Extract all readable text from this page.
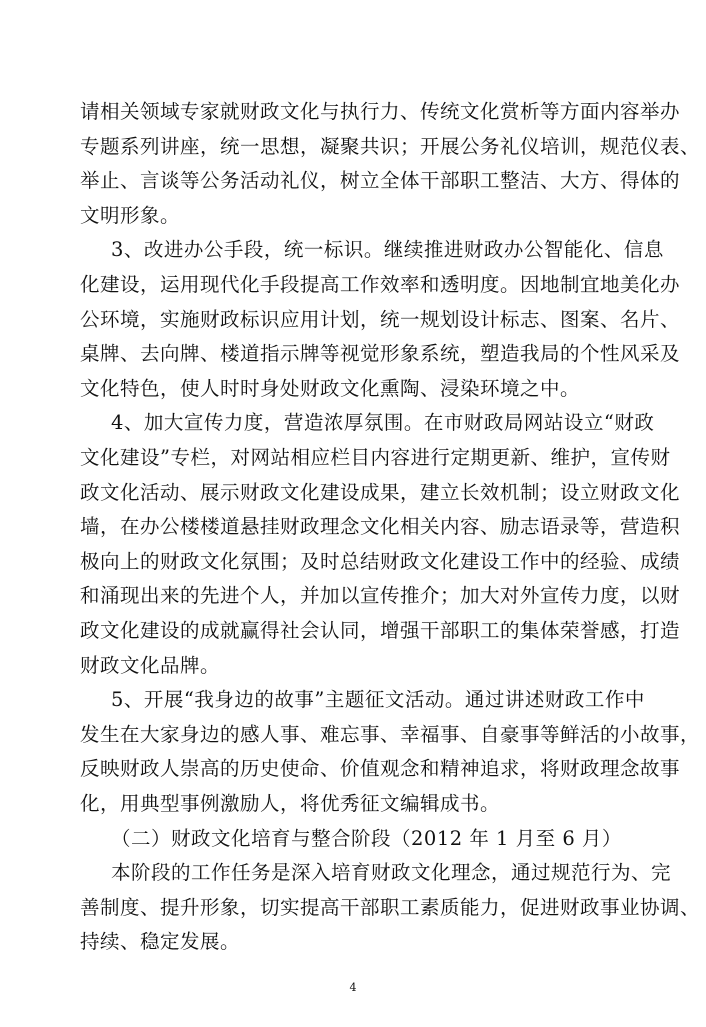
请相关领域专家就财政文化与执行力、传统文化赏析等方面内容举办
专题系列讲座，统一思想，凝聚共识；开展公务礼仪培训，规范仪表、
举止、言谈等公务活动礼仪，树立全体干部职工整洁、大方、得体的
文明形象。
3、改进办公手段，统一标识。继续推进财政办公智能化、信息
化建设，运用现代化手段提高工作效率和透明度。因地制宜地美化办
公环境，实施财政标识应用计划，统一规划设计标志、图案、名片、
桌牌、去向牌、楼道指示牌等视觉形象系统，塑造我局的个性风采及
文化特色，使人时时身处财政文化熏陶、浸染环境之中。
4、加大宣传力度，营造浓厚氛围。在市财政局网站设立“财政
文化建设”专栏，对网站相应栏目内容进行定期更新、维护，宣传财
政文化活动、展示财政文化建设成果，建立长效机制；设立财政文化
墙，在办公楼楼道悬挂财政理念文化相关内容、励志语录等，营造积
极向上的财政文化氛围；及时总结财政文化建设工作中的经验、成绩
和涌现出来的先进个人，并加以宣传推介；加大对外宣传力度，以财
政文化建设的成就赢得社会认同，增强干部职工的集体荣誉感，打造
财政文化品牌。
5、开展“我身边的故事”主题征文活动。通过讲述财政工作中
发生在大家身边的感人事、难忘事、幸福事、自豪事等鲜活的小故事，
反映财政人崇高的历史使命、价值观念和精神追求，将财政理念故事
化，用典型事例激励人，将优秀征文编辑成书。
（二）财政文化培育与整合阶段（2012 年 1 月至 6 月）
本阶段的工作任务是深入培育财政文化理念，通过规范行为、完
善制度、提升形象，切实提高干部职工素质能力，促进财政事业协调、
持续、稳定发展。
4
